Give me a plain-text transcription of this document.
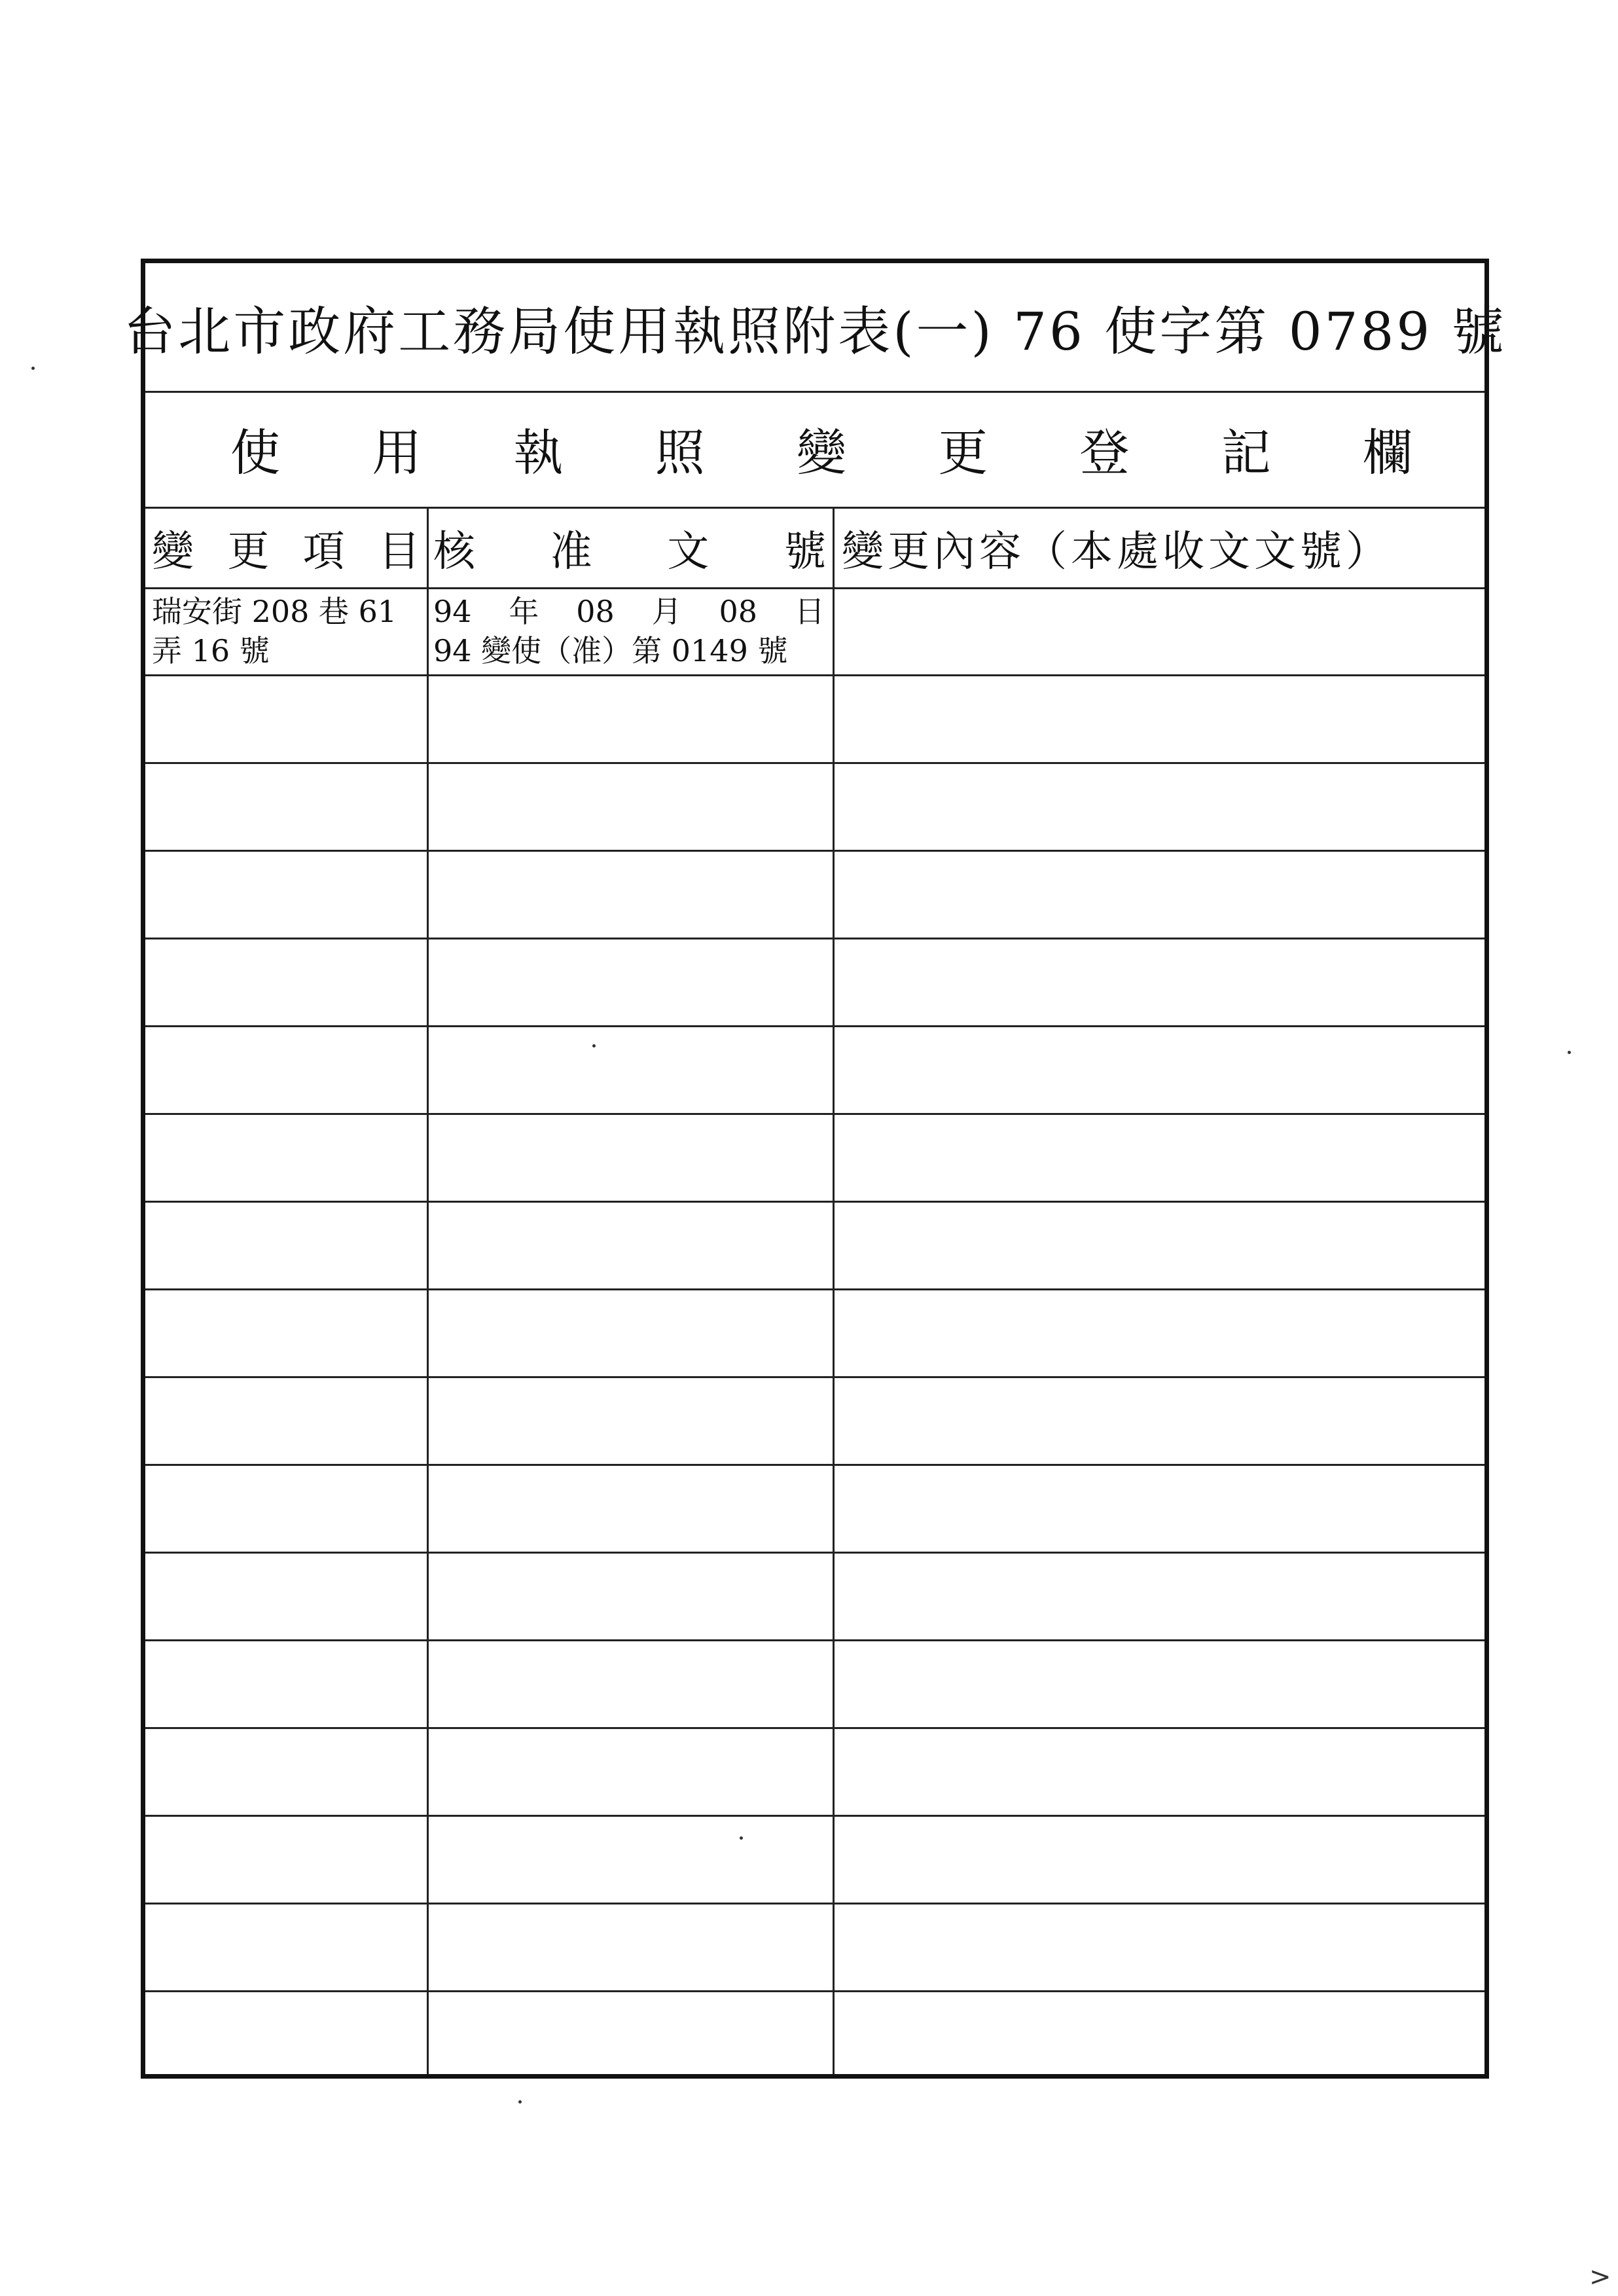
台北市政府工務局使用執照附表(一) 76 使字第 0789 號
使 用 執 照 變 更 登 記 欄
變 更 項 目 核 准 文 號 變更內容（本處收文文號）
瑞安街 208 巷 61
弄 16 號
94 年 08 月 08 日
94 變使（准）第 0149 號
>
